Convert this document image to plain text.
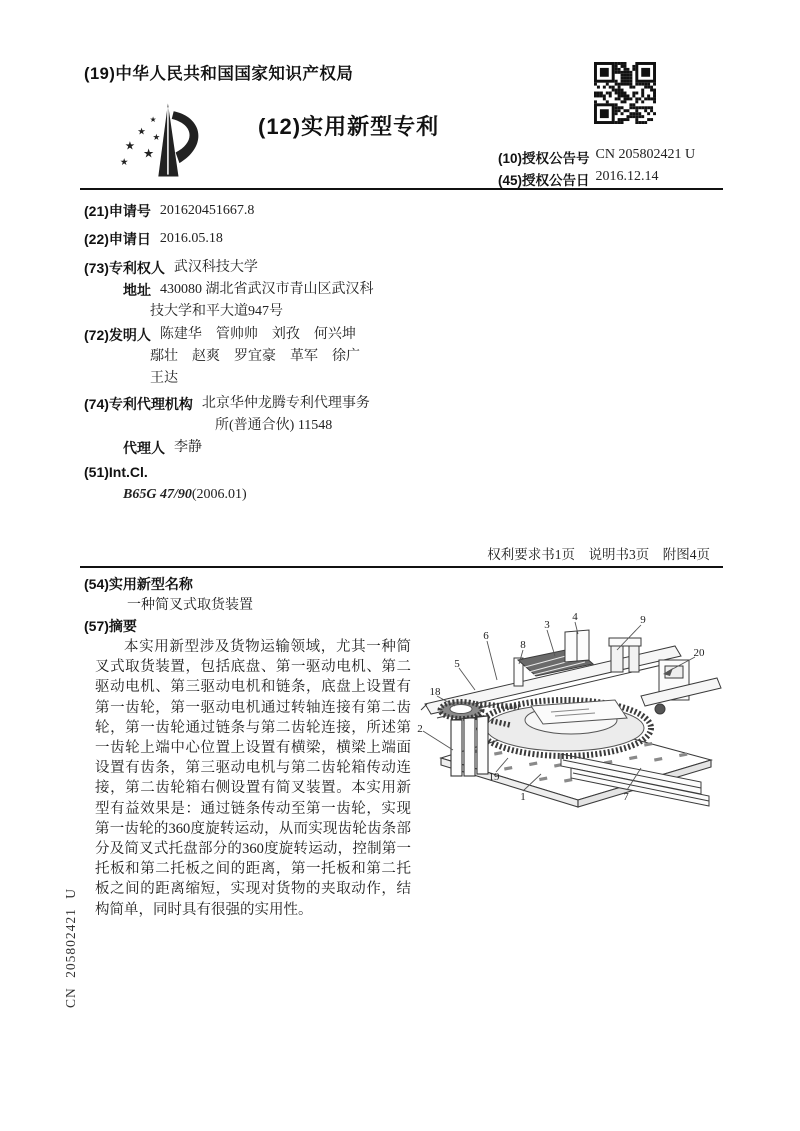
(19)中华人民共和国国家知识产权局
★
★
★
★ ★
★
(12)实用新型专利
(10)授权公告号 CN 205802421 U
(45)授权公告日 2016.12.14
(21)申请号 201620451667.8
(22)申请日 2016.05.18
(73)专利权人 武汉科技大学
地址 430080 湖北省武汉市青山区武汉科
技大学和平大道947号
(72)发明人 陈建华　管帅帅　刘孜　何兴坤
鄢壮　赵爽　罗宜豪　革军　徐广
王达
(74)专利代理机构 北京华仲龙腾专利代理事务
所(普通合伙) 11548
代理人 李静
(51)Int.Cl.
B65G 47/90(2006.01)
权利要求书1页　说明书3页　附图4页
(54)实用新型名称
一种简叉式取货装置
(57)摘要
本实用新型涉及货物运输领域，尤其一种简叉式取货装置，包括底盘、第一驱动电机、第二驱动电机、第三驱动电机和链条，底盘上设置有第一齿轮，第一驱动电机通过转轴连接有第二齿轮，第一齿轮通过链条与第二齿轮连接，所述第一齿轮上端中心位置上设置有横梁，横梁上端面设置有齿条，第三驱动电机与第二齿轮箱传动连接，第二齿轮箱右侧设置有简叉装置。本实用新型有益效果是：通过链条传动至第一齿轮，实现第一齿轮的360度旋转运动，从而实现齿轮齿条部分及简叉式托盘部分的360度旋转运动，控制第一托板和第二托板之间的距离，第一托板和第二托板之间的距离缩短，实现对货物的夹取动作，结构简单，同时具有很强的实用性。
1
2
3
4
5
6
7
8
9
18
19
20
CN 205802421 U
